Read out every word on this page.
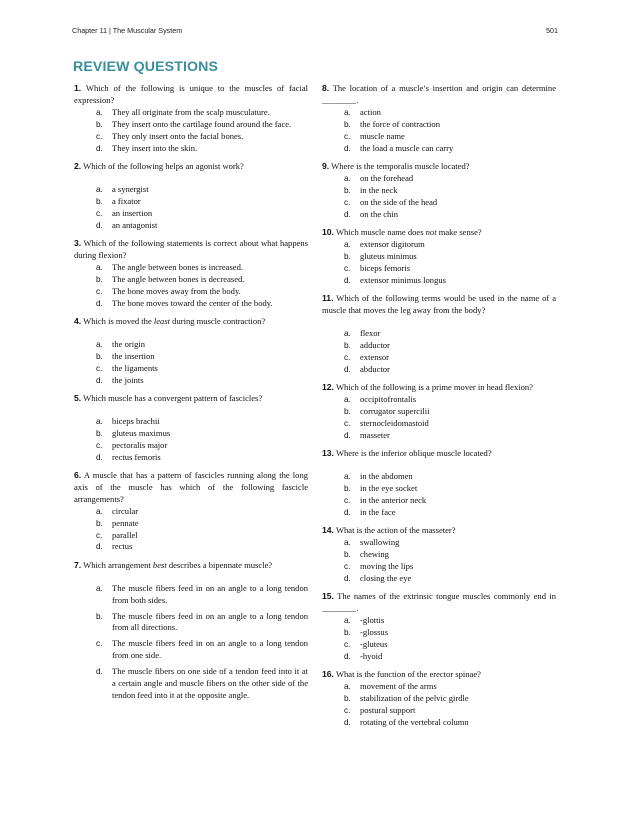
Chapter 11 | The Muscular System	501
REVIEW QUESTIONS
1. Which of the following is unique to the muscles of facial expression?
a. They all originate from the scalp musculature.
b. They insert onto the cartilage found around the face.
c. They only insert onto the facial bones.
d. They insert into the skin.
2. Which of the following helps an agonist work?
a. a synergist
b. a fixator
c. an insertion
d. an antagonist
3. Which of the following statements is correct about what happens during flexion?
a. The angle between bones is increased.
b. The angle between bones is decreased.
c. The bone moves away from the body.
d. The bone moves toward the center of the body.
4. Which is moved the least during muscle contraction?
a. the origin
b. the insertion
c. the ligaments
d. the joints
5. Which muscle has a convergent pattern of fascicles?
a. biceps brachii
b. gluteus maximus
c. pectoralis major
d. rectus femoris
6. A muscle that has a pattern of fascicles running along the long axis of the muscle has which of the following fascicle arrangements?
a. circular
b. pennate
c. parallel
d. rectus
7. Which arrangement best describes a bipennate muscle?
a. The muscle fibers feed in on an angle to a long tendon from both sides.
b. The muscle fibers feed in on an angle to a long tendon from all directions.
c. The muscle fibers feed in on an angle to a long tendon from one side.
d. The muscle fibers on one side of a tendon feed into it at a certain angle and muscle fibers on the other side of the tendon feed into it at the opposite angle.
8. The location of a muscle’s insertion and origin can determine ________.
a. action
b. the force of contraction
c. muscle name
d. the load a muscle can carry
9. Where is the temporalis muscle located?
a. on the forehead
b. in the neck
c. on the side of the head
d. on the chin
10. Which muscle name does not make sense?
a. extensor digitorum
b. gluteus minimus
c. biceps femoris
d. extensor minimus longus
11. Which of the following terms would be used in the name of a muscle that moves the leg away from the body?
a. flexor
b. adductor
c. extensor
d. abductor
12. Which of the following is a prime mover in head flexion?
a. occipitofrontalis
b. corrugator supercilii
c. sternocleidomastoid
d. masseter
13. Where is the inferior oblique muscle located?
a. in the abdomen
b. in the eye socket
c. in the anterior neck
d. in the face
14. What is the action of the masseter?
a. swallowing
b. chewing
c. moving the lips
d. closing the eye
15. The names of the extrinsic tongue muscles commonly end in ________.
a. -glottis
b. -glossus
c. -gluteus
d. -hyoid
16. What is the function of the erector spinae?
a. movement of the arms
b. stabilization of the pelvic girdle
c. postural support
d. rotating of the vertebral column
